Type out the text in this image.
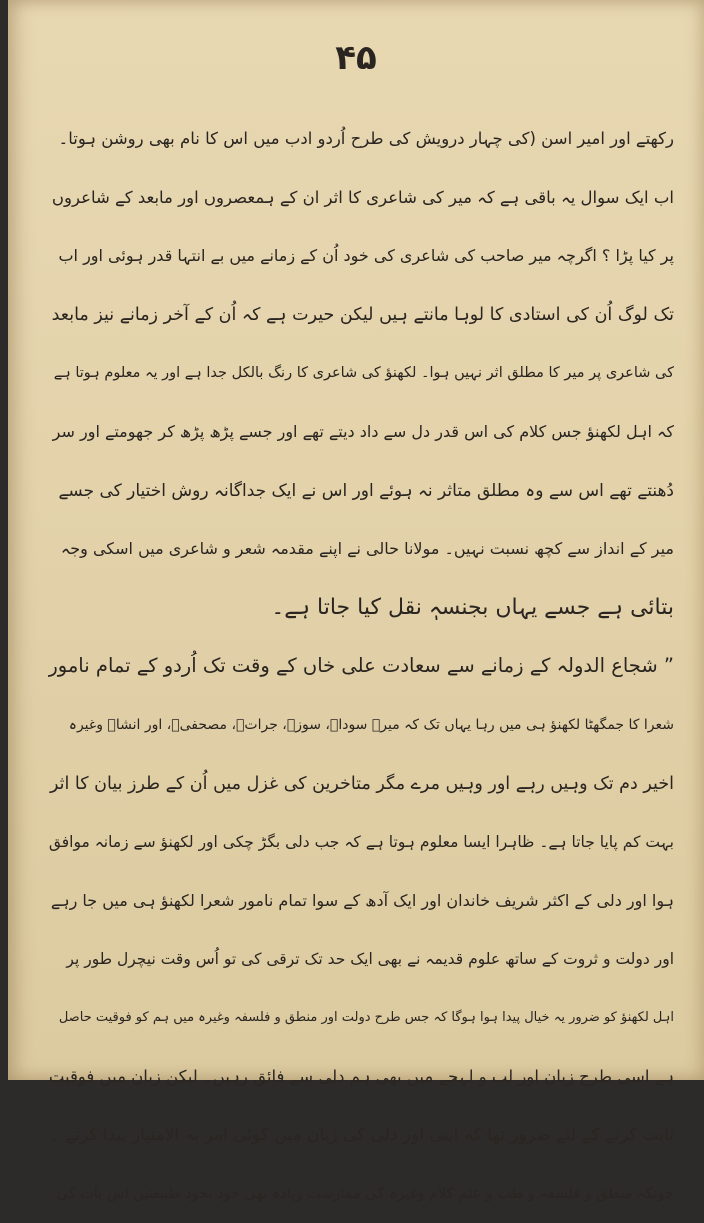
۴۵
رکھتے اور امیر اسن (کی چہار درویش کی طرح اُردو ادب میں اس کا نام بھی روشن ہوتا۔
اب ایک سوال یہ باقی ہے کہ میر کی شاعری کا اثر ان کے ہمعصروں اور مابعد کے شاعروں
پر کیا پڑا ؟ اگرچہ میر صاحب کی شاعری کی خود اُن کے زمانے میں بے انتہا قدر ہوئی اور اب
تک لوگ اُن کی استادی کا لوہا مانتے ہیں لیکن حیرت ہے کہ اُن کے آخر زمانے نیز مابعد
کی شاعری پر میر کا مطلق اثر نہیں ہوا۔ لکھنؤ کی شاعری کا رنگ بالکل جدا ہے اور یہ معلوم ہوتا ہے
کہ اہل لکھنؤ جس کلام کی اس قدر دل سے داد دیتے تھے اور جسے پڑھ پڑھ کر جھومتے اور سر
دُھنتے تھے اس سے وہ مطلق متاثر نہ ہوئے اور اس نے ایک جداگانہ روش اختیار کی جسے
میر کے انداز سے کچھ نسبت نہیں۔ مولانا حالی نے اپنے مقدمہ شعر و شاعری میں اسکی وجہ
بتائی ہے جسے یہاں بجنسہٖ نقل کیا جاتا ہے۔
” شجاع الدولہ کے زمانے سے سعادت علی خاں کے وقت تک اُردو کے تمام نامور
شعرا کا جمگھٹا لکھنؤ ہی میں رہا یہاں تک کہ میرؔ سوداؔ، سوزؔ، جراتؔ، مصحفیؔ، اور انشاؔ وغیرہ
اخیر دم تک وہیں رہے اور وہیں مرے مگر متاخرین کی غزل میں اُن کے طرز بیان کا اثر
بہت کم پایا جاتا ہے۔ ظاہرا ایسا معلوم ہوتا ہے کہ جب دلی بگڑ چکی اور لکھنؤ سے زمانہ موافق
ہوا اور دلی کے اکثر شریف خاندان اور ایک آدھ کے سوا تمام نامور شعرا لکھنؤ ہی میں جا رہے
اور دولت و ثروت کے ساتھ علوم قدیمہ نے بھی ایک حد تک ترقی کی تو اُس وقت نیچرل طور پر
اہل لکھنؤ کو ضرور یہ خیال پیدا ہوا ہوگا کہ جس طرح دولت اور منطق و فلسفہ وغیرہ میں ہم کو فوقیت حاصل
ہے اسی طرح زبان اور لب و لہجے میں بھی ہم دلی سے فائق رہیں۔ لیکن زبان میں فوقیت
ثابت کرنے کے لئے ضرور تھا کہ اپنی اور دلی کی زبان میں کوئی امر بہ الامتیاز پیدا کرتے ۔
چونکہ منطق و فلسفہ و طب و علم کلام وغیرہ کی ممارست زیادہ تھی خود بخود طبیعتیں اس بات کی
